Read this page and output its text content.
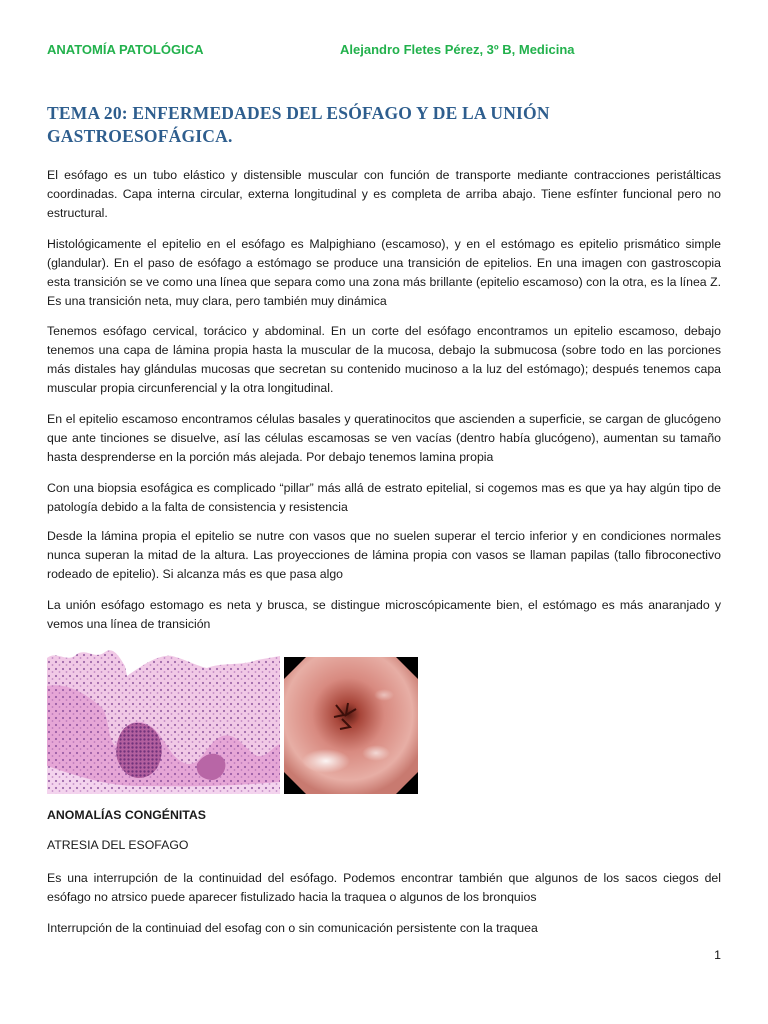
ANATOMÍA PATOLÓGICA	Alejandro Fletes Pérez, 3º B, Medicina
TEMA 20: ENFERMEDADES DEL ESÓFAGO Y DE LA UNIÓN GASTROESOFÁGICA.

El esófago es un tubo elástico y distensible muscular con función de transporte mediante contracciones peristálticas coordinadas. Capa interna circular, externa longitudinal y es completa de arriba abajo. Tiene esfínter funcional pero no estructural.

Histológicamente el epitelio en el esófago es Malpighiano (escamoso), y en el estómago es epitelio prismático simple (glandular). En el paso de esófago a estómago se produce una transición de epitelios. En una imagen con gastroscopia esta transición se ve como una línea que separa como una zona más brillante (epitelio escamoso) con la otra, es la línea Z. Es una transición neta, muy clara, pero también muy dinámica

Tenemos esófago cervical, torácico y abdominal. En un corte del esófago encontramos un epitelio escamoso, debajo tenemos una capa de lámina propia hasta la muscular de la mucosa, debajo la submucosa (sobre todo en las porciones más distales hay glándulas mucosas que secretan su contenido mucinoso a la luz del estómago); después tenemos capa muscular propia circunferencial y la otra longitudinal.

En el epitelio escamoso encontramos células basales y queratinocitos que ascienden a superficie, se cargan de glucógeno que ante tinciones se disuelve, así las células escamosas se ven vacías (dentro había glucógeno), aumentan su tamaño hasta desprenderse en la porción más alejada. Por debajo tenemos lamina propia

Con una biopsia esofágica es complicado “pillar” más allá de estrato epitelial, si cogemos mas es que ya hay algún tipo de patología debido a la falta de consistencia y resistencia

Desde la lámina propia el epitelio se nutre con vasos que no suelen superar el tercio inferior y en condiciones normales nunca superan la mitad de la altura. Las proyecciones de lámina propia con vasos se llaman papilas (tallo fibroconectivo rodeado de epitelio). Si alcanza más es que pasa algo

La unión esófago estomago es neta y brusca, se distingue microscópicamente bien, el estómago es más anaranjado y vemos una línea de transición

ANOMALÍAS CONGÉNITAS

ATRESIA DEL ESOFAGO

Es una interrupción de la continuidad del esófago. Podemos encontrar también que algunos de los sacos ciegos del esófago no atrsico puede aparecer fistulizado hacia la traquea o algunos de los bronquios

Interrupción de la continuiad del esofag con o sin comunicación persistente con la traquea

1
